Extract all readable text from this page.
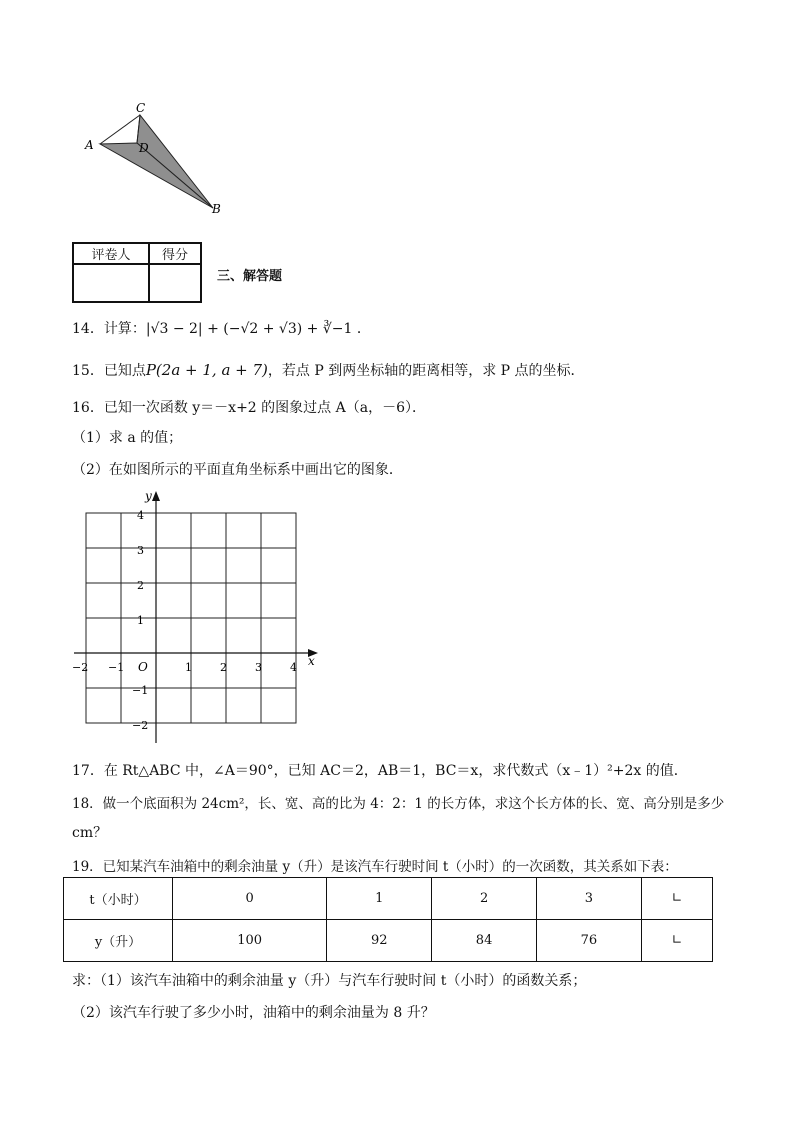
C
A	D
B
评卷人	得分

三、解答题
14．计算：|√3 − 2| + (−√2 + √3) + ∛−1 ．
15．已知点P(2a + 1, a + 7)，若点 P 到两坐标轴的距离相等，求 P 点的坐标．
16．已知一次函数 y＝－x+2 的图象过点 A（a，－6）．
（1）求 a 的值；
（2）在如图所示的平面直角坐标系中画出它的图象．
x
y
O
−2 −1	1	2	3	4
4
3
2
1
−1
−2
17．在 Rt△ABC 中，∠A＝90°，已知 AC＝2，AB＝1，BC＝x，求代数式（x﹣1）²+2x 的值．
18．做一个底面积为 24cm²，长、宽、高的比为 4：2：1 的长方体，求这个长方体的长、宽、高分别是多少
cm？
19．已知某汽车油箱中的剩余油量 y（升）是该汽车行驶时间 t（小时）的一次函数，其关系如下表：
t（小时）	0	1	2	3	∟
y（升）	100	92	84	76	∟
求：（1）该汽车油箱中的剩余油量 y（升）与汽车行驶时间 t（小时）的函数关系；
（2）该汽车行驶了多少小时，油箱中的剩余油量为 8 升？
